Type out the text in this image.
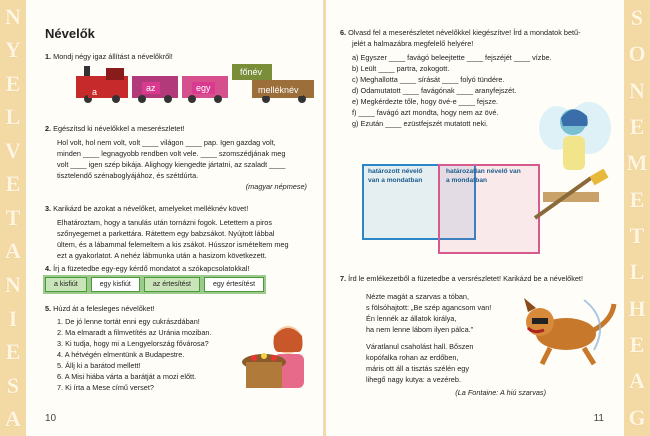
N
Y
E
L
V
E
T
A
N
I
E
S
A
S
O
N
E
M
E
T
L
H
E
A
G
Névelők
1. Mondj négy igaz állítást a névelőkről!
a	az	egy
főnév
melléknév
2. Egészítsd ki névelőkkel a meserészletet!
Hol volt, hol nem volt, volt ____ világon ____ pap. Igen gazdag volt,
minden ____ legnagyobb rendben volt vele. ____ szomszédjának meg
volt ____ igen szép bikája. Alighogy kiengedte jártatni, az szaladt ____
tisztelendő szénaboglyájához, és szétdúrta.
(magyar népmese)
3. Karikázd be azokat a névelőket, amelyeket melléknév követ!
Elhatároztam, hogy a tanulás után tornázni fogok. Letettem a piros
szőnyegemet a parkettára. Rátettem egy babzsákot. Nyújtott lábbal
ültem, és a lábammal felemeltem a kis zsákot. Hússzor ismételtem meg
ezt a gyakorlatot. A nehéz lábmunka után a hasizom következett.
4. Írj a füzetedbe egy-egy kérdő mondatot a szókapcsolatokkal!
a kisfiút	egy kisfiút	az értesítést	egy értesítést
5. Húzd át a felesleges névelőket!
1. De jó lenne tortát enni egy cukrászdában!
2. Ma elmaradt a filmvetítés az Uránia moziban.
3. Ki tudja, hogy mi a Lengyelország fővárosa?
4. A hétvégén elmentünk a Budapestre.
5. Állj ki a barátod mellett!
6. A Misi hiába várta a barátját a mozi előtt.
7. Ki írta a Mese című verset?
10
6. Olvasd fel a meserészletet névelőkkel kiegészítve! Írd a mondatok betű-
jelét a halmazábra megfelelő helyére!
a) Egyszer ____ favágó beleejtette ____ fejszéjét ____ vízbe.
b) Leült ____ partra, zokogott.
c) Meghallotta ____ sírását ____ folyó tündére.
d) Odamutatott ____ favágónak ____ aranyfejszét.
e) Megkérdezte tőle, hogy övé-e ____ fejsze.
f) ____ favágó azt mondta, hogy nem az övé.
g) Ezután ____ ezüstfejszét mutatott neki.
határozott névelő van a mondatban
határozatlan névelő van a mondatban
7. Írd le emlékezetből a füzetedbe a versrészletet! Karikázd be a névelőket!
Nézte magát a szarvas a tóban,
s fölsóhajtott: „Be szép agancsom van!
Én lennék az állatok királya,
ha nem lenne lábom ilyen pálca."
Váratlanul csaholást hall. Bőszen
kopófalka rohan az erdőben,
máris ott áll a tisztás szélén egy
lihegő nagy kutya: a vezéreb.
(La Fontaine: A hiú szarvas)
11
